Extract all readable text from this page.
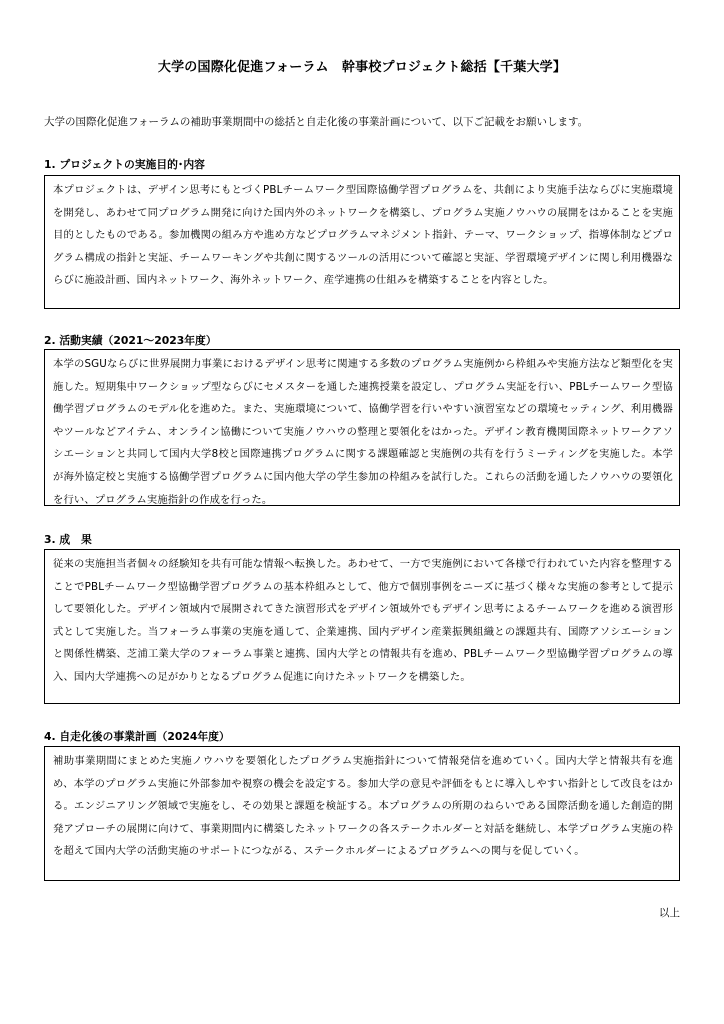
大学の国際化促進フォーラム　幹事校プロジェクト総括【千葉大学】
大学の国際化促進フォーラムの補助事業期間中の総括と自走化後の事業計画について、以下ご記載をお願いします。
1. プロジェクトの実施目的･内容
本プロジェクトは、デザイン思考にもとづくPBLチームワーク型国際協働学習プログラムを、共創により実施手法ならびに実施環境を開発し、あわせて同プログラム開発に向けた国内外のネットワークを構築し、プログラム実施ノウハウの展開をはかることを実施目的としたものである。参加機関の組み方や進め方などプログラムマネジメント指針、テーマ、ワークショップ、指導体制などプログラム構成の指針と実証、チームワーキングや共創に関するツールの活用について確認と実証、学習環境デザインに関し利用機器ならびに施設計画、国内ネットワーク、海外ネットワーク、産学連携の仕組みを構築することを内容とした。
2. 活動実績（2021～2023年度）
本学のSGUならびに世界展開力事業におけるデザイン思考に関連する多数のプログラム実施例から枠組みや実施方法など類型化を実施した。短期集中ワークショップ型ならびにセメスターを通した連携授業を設定し、プログラム実証を行い、PBLチームワーク型協働学習プログラムのモデル化を進めた。また、実施環境について、協働学習を行いやすい演習室などの環境セッティング、利用機器やツールなどアイテム、オンライン協働について実施ノウハウの整理と要領化をはかった。デザイン教育機関国際ネットワークアソシエーションと共同して国内大学8校と国際連携プログラムに関する課題確認と実施例の共有を行うミーティングを実施した。本学が海外協定校と実施する協働学習プログラムに国内他大学の学生参加の枠組みを試行した。これらの活動を通したノウハウの要領化を行い、プログラム実施指針の作成を行った。
3. 成　果
従来の実施担当者個々の経験知を共有可能な情報へ転換した。あわせて、一方で実施例において各様で行われていた内容を整理することでPBLチームワーク型協働学習プログラムの基本枠組みとして、他方で個別事例をニーズに基づく様々な実施の参考として提示して要領化した。デザイン領域内で展開されてきた演習形式をデザイン領域外でもデザイン思考によるチームワークを進める演習形式として実施した。当フォーラム事業の実施を通して、企業連携、国内デザイン産業振興組織との課題共有、国際アソシエーションと関係性構築、芝浦工業大学のフォーラム事業と連携、国内大学との情報共有を進め、PBLチームワーク型協働学習プログラムの導入、国内大学連携への足がかりとなるプログラム促進に向けたネットワークを構築した。
4. 自走化後の事業計画（2024年度）
補助事業期間にまとめた実施ノウハウを要領化したプログラム実施指針について情報発信を進めていく。国内大学と情報共有を進め、本学のプログラム実施に外部参加や視察の機会を設定する。参加大学の意見や評価をもとに導入しやすい指針として改良をはかる。エンジニアリング領域で実施をし、その効果と課題を検証する。本プログラムの所期のねらいである国際活動を通した創造的開発アプローチの展開に向けて、事業期間内に構築したネットワークの各ステークホルダーと対話を継続し、本学プログラム実施の枠を超えて国内大学の活動実施のサポートにつながる、ステークホルダーによるプログラムへの関与を促していく。
以上
